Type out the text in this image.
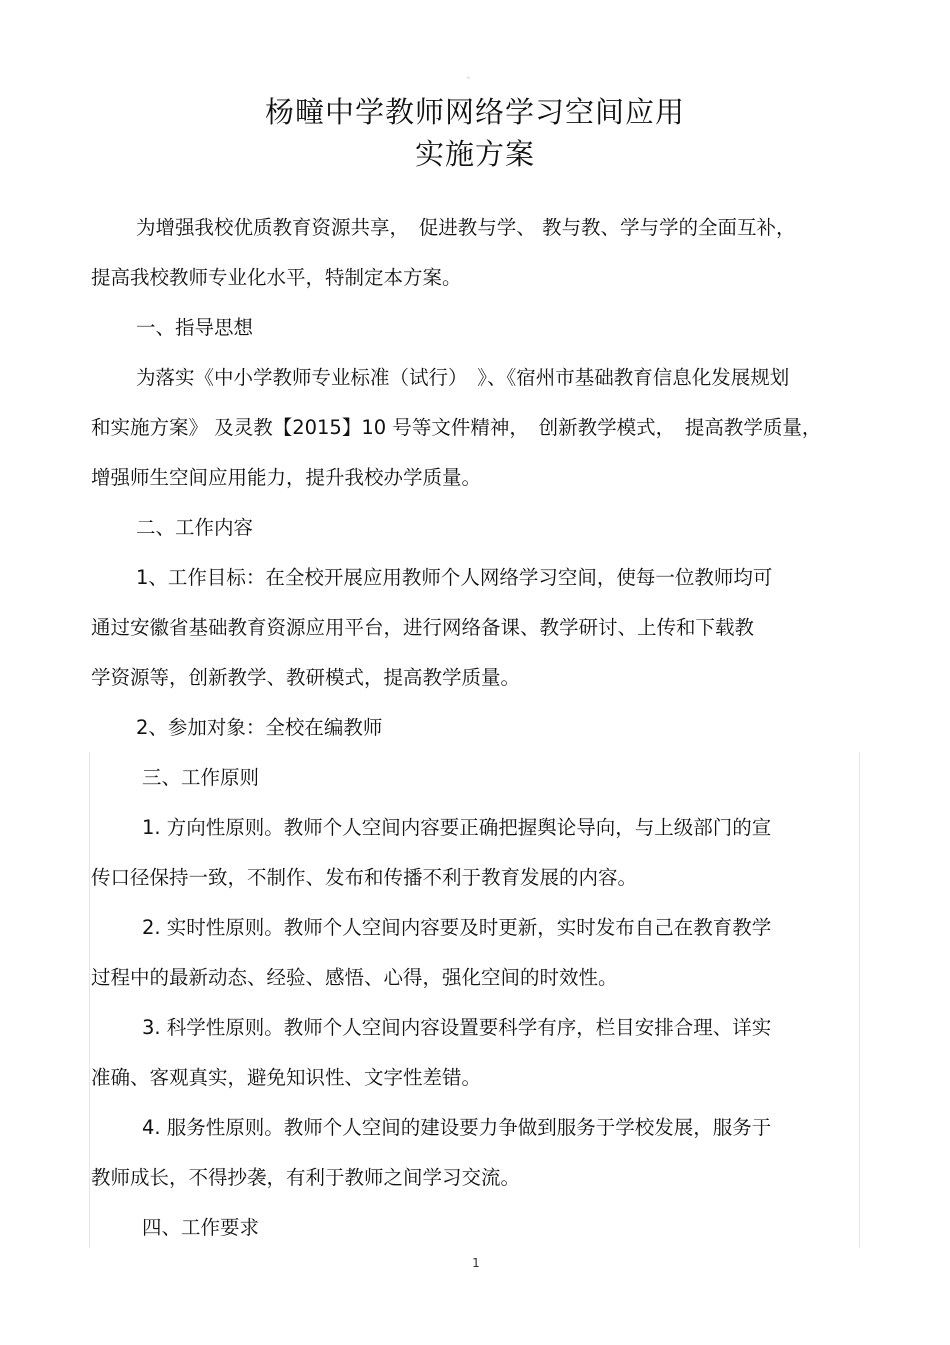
。
杨疃中学教师网络学习空间应用
实施方案
为增强我校优质教育资源共享，　促进教与学、 教与教、学与学的全面互补，
提高我校教师专业化水平，特制定本方案。
一、指导思想
为落实《中小学教师专业标准（试行）　》、《宿州市基础教育信息化发展规划
和实施方案》 及灵教【2015】10 号等文件精神，　创新教学模式，　提高教学质量，
增强师生空间应用能力，提升我校办学质量。
二、工作内容
1、工作目标：在全校开展应用教师个人网络学习空间，使每一位教师均可
通过安徽省基础教育资源应用平台，进行网络备课、教学研讨、上传和下载教
学资源等，创新教学、教研模式，提高教学质量。
2、参加对象：全校在编教师
三、工作原则
1. 方向性原则。教师个人空间内容要正确把握舆论导向，与上级部门的宣
传口径保持一致，不制作、发布和传播不利于教育发展的内容。
2. 实时性原则。教师个人空间内容要及时更新，实时发布自己在教育教学
过程中的最新动态、经验、感悟、心得，强化空间的时效性。
3. 科学性原则。教师个人空间内容设置要科学有序，栏目安排合理、详实
准确、客观真实，避免知识性、文字性差错。
4. 服务性原则。教师个人空间的建设要力争做到服务于学校发展，服务于
教师成长，不得抄袭，有利于教师之间学习交流。
四、工作要求
1
